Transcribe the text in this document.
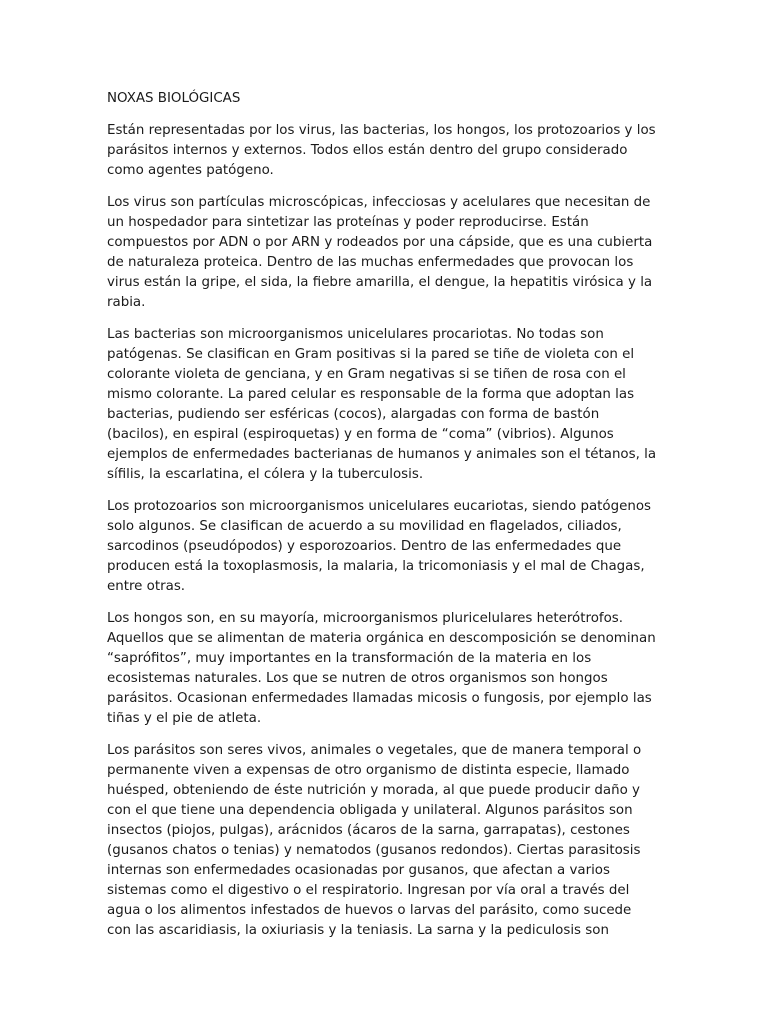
NOXAS BIOLÓGICAS

Están representadas por los virus, las bacterias, los hongos, los protozoarios y los parásitos internos y externos. Todos ellos están dentro del grupo considerado como agentes patógeno.

Los virus son partículas microscópicas, infecciosas y acelulares que necesitan de un hospedador para sintetizar las proteínas y poder reproducirse. Están compuestos por ADN o por ARN y rodeados por una cápside, que es una cubierta de naturaleza proteica. Dentro de las muchas enfermedades que provocan los virus están la gripe, el sida, la fiebre amarilla, el dengue, la hepatitis virósica y la rabia.

Las bacterias son microorganismos unicelulares procariotas. No todas son patógenas. Se clasifican en Gram positivas si la pared se tiñe de violeta con el colorante violeta de genciana, y en Gram negativas si se tiñen de rosa con el mismo colorante. La pared celular es responsable de la forma que adoptan las bacterias, pudiendo ser esféricas (cocos), alargadas con forma de bastón (bacilos), en espiral (espiroquetas) y en forma de “coma” (vibrios). Algunos ejemplos de enfermedades bacterianas de humanos y animales son el tétanos, la sífilis, la escarlatina, el cólera y la tuberculosis.

Los protozoarios son microorganismos unicelulares eucariotas, siendo patógenos solo algunos. Se clasifican de acuerdo a su movilidad en flagelados, ciliados, sarcodinos (pseudópodos) y esporozoarios. Dentro de las enfermedades que producen está la toxoplasmosis, la malaria, la tricomoniasis y el mal de Chagas, entre otras.

Los hongos son, en su mayoría, microorganismos pluricelulares heterótrofos. Aquellos que se alimentan de materia orgánica en descomposición se denominan “saprófitos”, muy importantes en la transformación de la materia en los ecosistemas naturales. Los que se nutren de otros organismos son hongos parásitos. Ocasionan enfermedades llamadas micosis o fungosis, por ejemplo las tiñas y el pie de atleta.

Los parásitos son seres vivos, animales o vegetales, que de manera temporal o permanente viven a expensas de otro organismo de distinta especie, llamado huésped, obteniendo de éste nutrición y morada, al que puede producir daño y con el que tiene una dependencia obligada y unilateral. Algunos parásitos son insectos (piojos, pulgas), arácnidos (ácaros de la sarna, garrapatas), cestones (gusanos chatos o tenias) y nematodos (gusanos redondos). Ciertas parasitosis internas son enfermedades ocasionadas por gusanos, que afectan a varios sistemas como el digestivo o el respiratorio. Ingresan por vía oral a través del agua o los alimentos infestados de huevos o larvas del parásito, como sucede con las ascaridiasis, la oxiuriasis y la teniasis. La sarna y la pediculosis son
